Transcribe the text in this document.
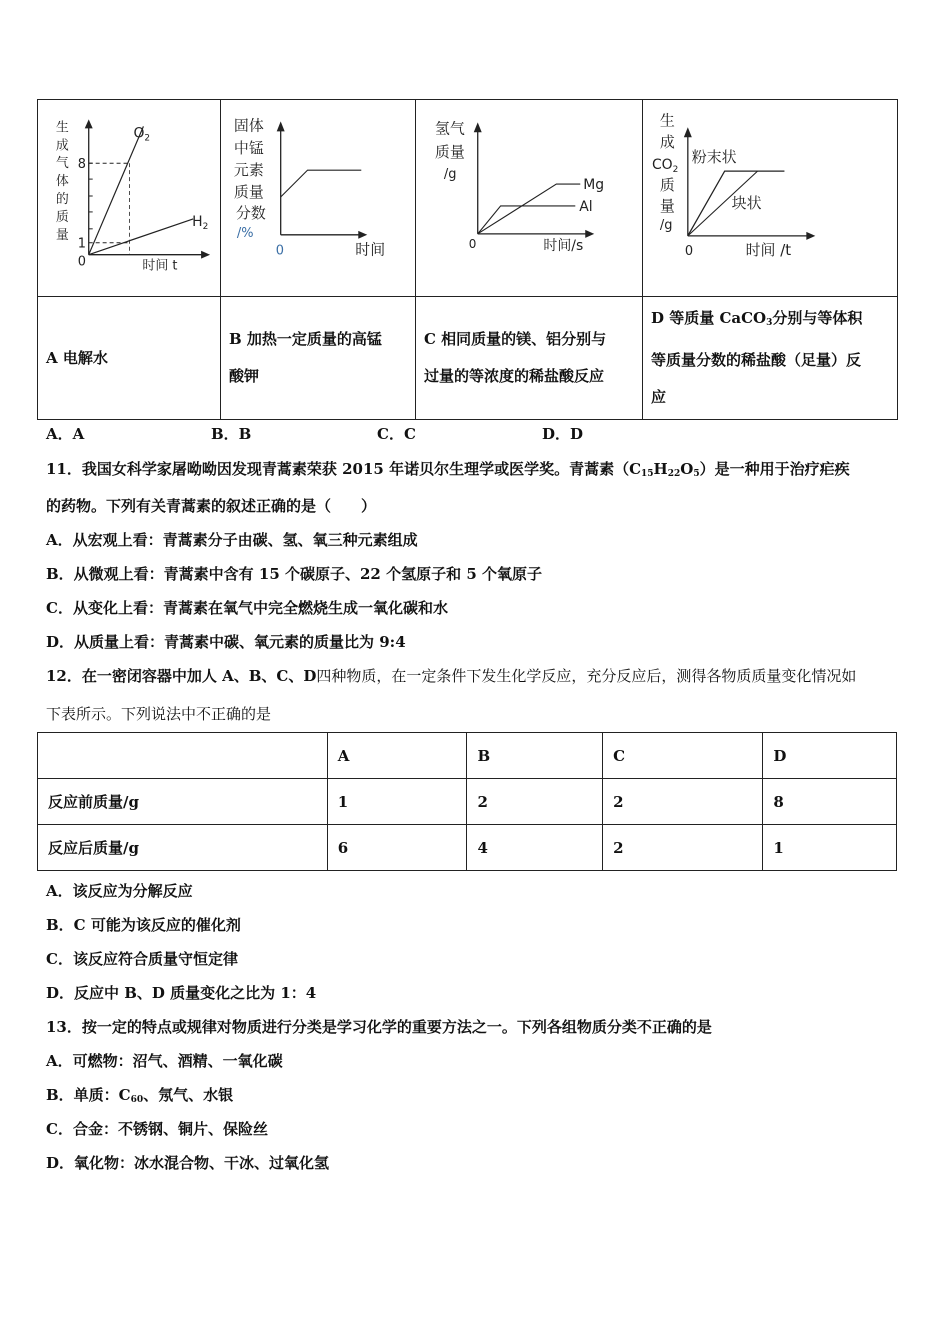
生
成
气
体
的
质
量
8
1
0
$O_2$
$H_2$
时间 t

固体
中锰
元素
质量
分数
/%
0	时间

氢气
质量
/g
Mg
Al
0	时间/s

生
成
$CO_2$
质
量
/g
粉末状
块状
0	时间 /t

A 电解水	
B 加热一定质量的高锰
酸钾

C 相同质量的镁、铝分别与
过量的等浓度的稀盐酸反应

D 等质量 CaCO$_3$分别与等体积
等质量分数的稀盐酸（足量）反
应
A．A	B．B	C．C	D．D
11．我国女科学家屠呦呦因发现青蒿素荣获 2015 年诺贝尔生理学或医学奖。青蒿素$(C_{15}H_{22}O_5)$是一种用于治疗疟疾
的药物。下列有关青蒿素的叙述正确的是（　　）
A．从宏观上看：青蒿素分子由碳、氢、氧三种元素组成
B．从微观上看：青蒿素中含有 15 个碳原子、22 个氢原子和 5 个氧原子
C．从变化上看：青蒿素在氧气中完全燃烧生成一氧化碳和水
D．从质量上看：青蒿素中碳、氧元素的质量比为 9:4
12．在一密闭容器中加人 A、B、C、D四种物质，在一定条件下发生化学反应，充分反应后，测得各物质质量变化情况如
下表所示。下列说法中不正确的是
	A	B	C	D
反应前质量/g	1	2	2	8
反应后质量/g	6	4	2	1
A．该反应为分解反应
B．C 可能为该反应的催化剂
C．该反应符合质量守恒定律
D．反应中 B、D 质量变化之比为 1：4
13．按一定的特点或规律对物质进行分类是学习化学的重要方法之一。下列各组物质分类不正确的是
A．可燃物：沼气、酒精、一氧化碳
B．单质：$C_{60}$、氖气、水银
C．合金：不锈钢、铜片、保险丝
D．氧化物：冰水混合物、干冰、过氧化氢
